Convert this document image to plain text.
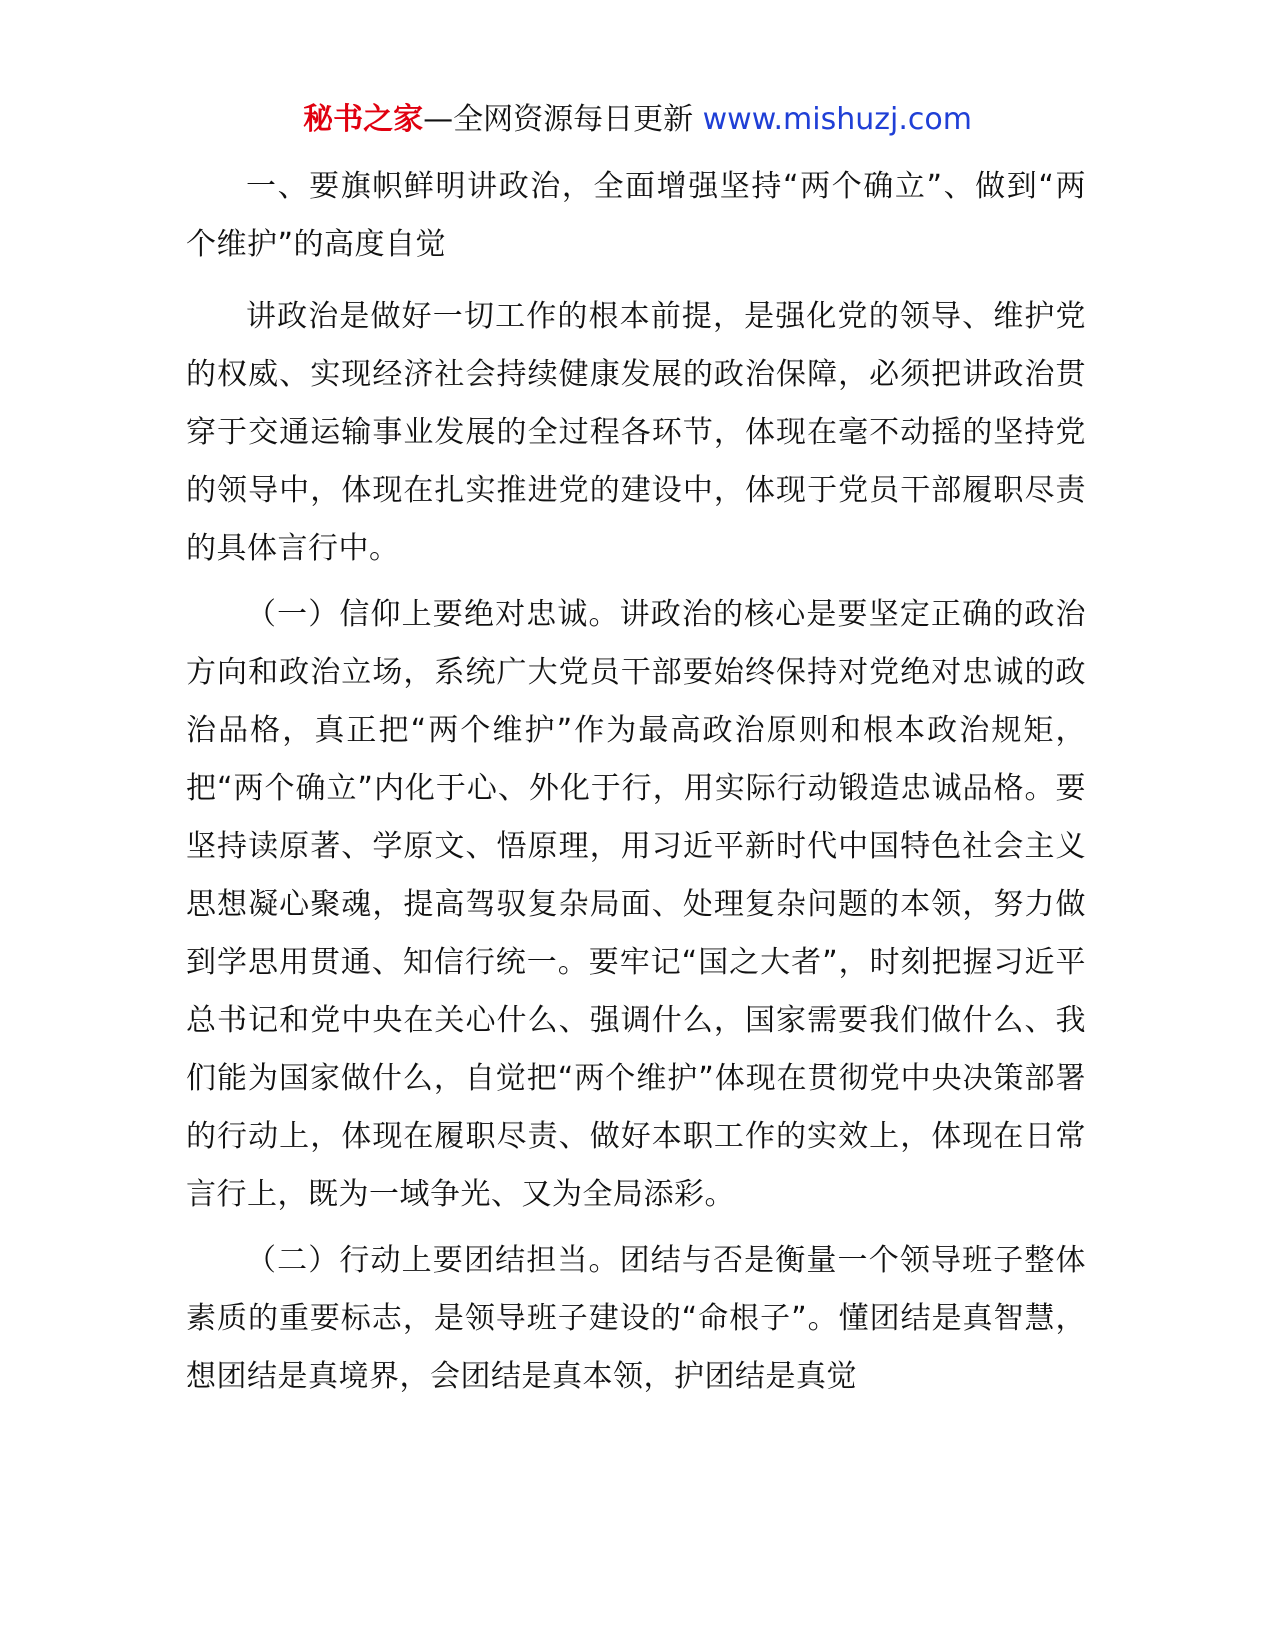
秘书之家—全网资源每日更新 www.mishuzj.com

一、要旗帜鲜明讲政治，全面增强坚持“两个确立”、做到“两个维护”的高度自觉

讲政治是做好一切工作的根本前提，是强化党的领导、维护党的权威、实现经济社会持续健康发展的政治保障，必须把讲政治贯穿于交通运输事业发展的全过程各环节，体现在毫不动摇的坚持党的领导中，体现在扎实推进党的建设中，体现于党员干部履职尽责的具体言行中。

（一）信仰上要绝对忠诚。讲政治的核心是要坚定正确的政治方向和政治立场，系统广大党员干部要始终保持对党绝对忠诚的政治品格，真正把“两个维护”作为最高政治原则和根本政治规矩，把“两个确立”内化于心、外化于行，用实际行动锻造忠诚品格。要坚持读原著、学原文、悟原理，用习近平新时代中国特色社会主义思想凝心聚魂，提高驾驭复杂局面、处理复杂问题的本领，努力做到学思用贯通、知信行统一。要牢记“国之大者”，时刻把握习近平总书记和党中央在关心什么、强调什么，国家需要我们做什么、我们能为国家做什么，自觉把“两个维护”体现在贯彻党中央决策部署的行动上，体现在履职尽责、做好本职工作的实效上，体现在日常言行上，既为一域争光、又为全局添彩。

（二）行动上要团结担当。团结与否是衡量一个领导班子整体素质的重要标志，是领导班子建设的“命根子”。懂团结是真智慧，想团结是真境界，会团结是真本领，护团结是真觉
